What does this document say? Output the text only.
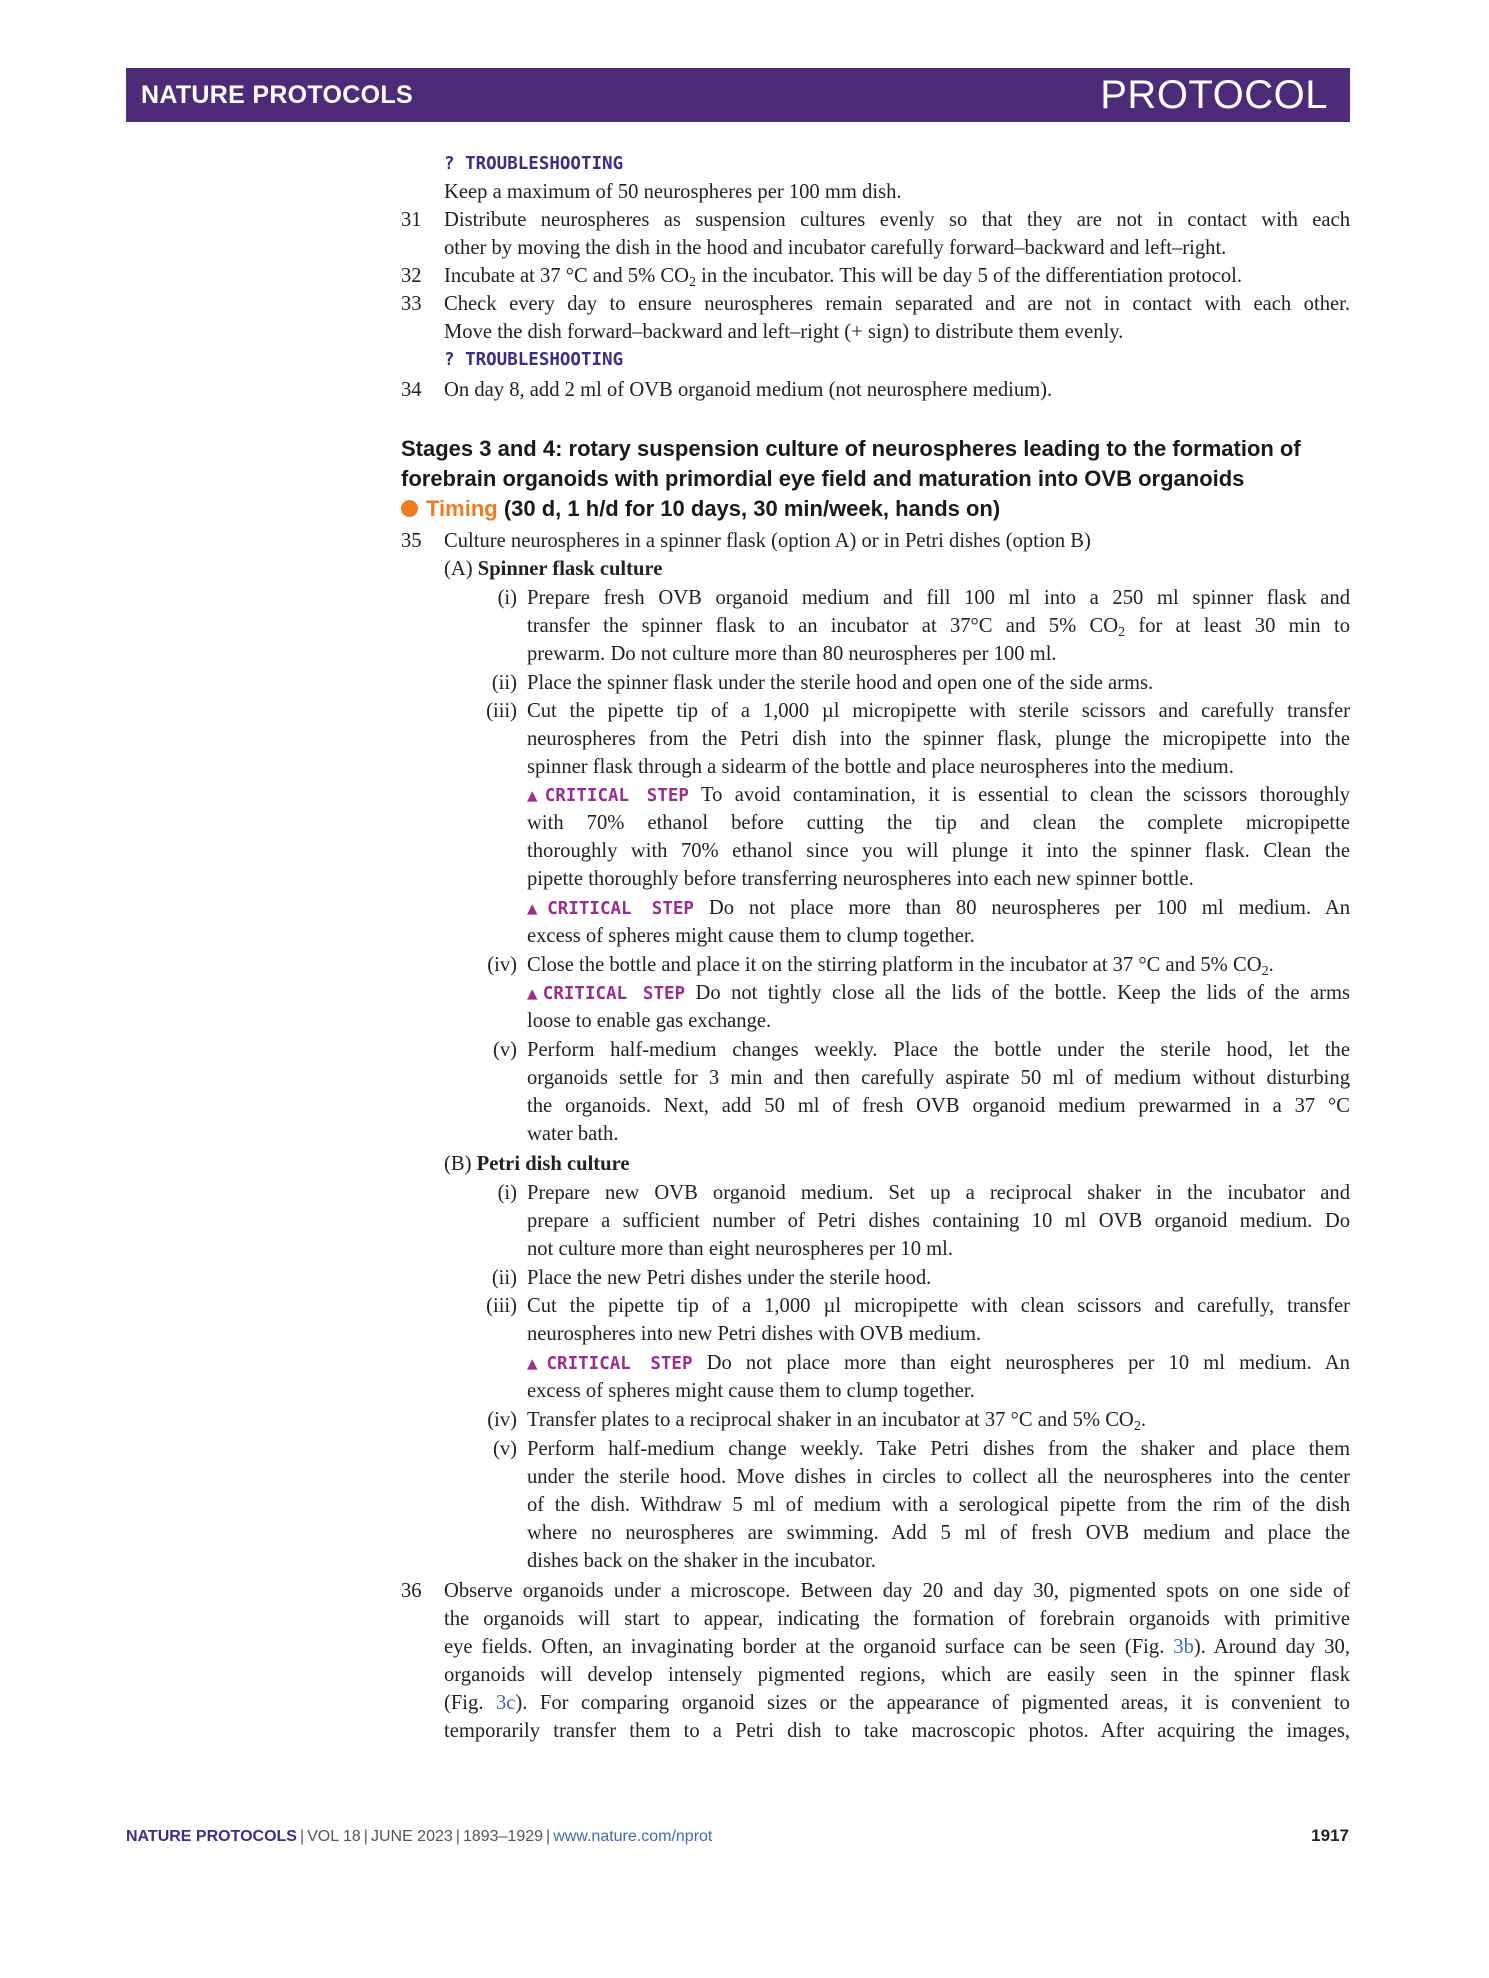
NATURE PROTOCOLS	PROTOCOL
? TROUBLESHOOTING
Keep a maximum of 50 neurospheres per 100 mm dish.
31 Distribute neurospheres as suspension cultures evenly so that they are not in contact with each
other by moving the dish in the hood and incubator carefully forward–backward and left–right.
32 Incubate at 37 °C and 5% $CO_2$ in the incubator. This will be day 5 of the differentiation protocol.
33 Check every day to ensure neurospheres remain separated and are not in contact with each other.
Move the dish forward–backward and left–right (+ sign) to distribute them evenly.
? TROUBLESHOOTING
34 On day 8, add 2 ml of OVB organoid medium (not neurosphere medium).
Stages 3 and 4: rotary suspension culture of neurospheres leading to the formation of
forebrain organoids with primordial eye field and maturation into OVB organoids
Timing (30 d, 1 h/d for 10 days, 30 min/week, hands on)
35 Culture neurospheres in a spinner flask (option A) or in Petri dishes (option B)
(A) Spinner flask culture
(i) Prepare fresh OVB organoid medium and fill 100 ml into a 250 ml spinner flask and
transfer the spinner flask to an incubator at 37°C and 5% $CO_2$ for at least 30 min to
prewarm. Do not culture more than 80 neurospheres per 100 ml.
(ii) Place the spinner flask under the sterile hood and open one of the side arms.
(iii) Cut the pipette tip of a 1,000 µl micropipette with sterile scissors and carefully transfer
neurospheres from the Petri dish into the spinner flask, plunge the micropipette into the
spinner flask through a sidearm of the bottle and place neurospheres into the medium.
▲CRITICAL STEP To avoid contamination, it is essential to clean the scissors thoroughly
with 70% ethanol before cutting the tip and clean the complete micropipette
thoroughly with 70% ethanol since you will plunge it into the spinner flask. Clean the
pipette thoroughly before transferring neurospheres into each new spinner bottle.
▲CRITICAL STEP Do not place more than 80 neurospheres per 100 ml medium. An
excess of spheres might cause them to clump together.
(iv) Close the bottle and place it on the stirring platform in the incubator at 37 °C and 5% $CO_2$.
▲CRITICAL STEP Do not tightly close all the lids of the bottle. Keep the lids of the arms
loose to enable gas exchange.
(v) Perform half-medium changes weekly. Place the bottle under the sterile hood, let the
organoids settle for 3 min and then carefully aspirate 50 ml of medium without disturbing
the organoids. Next, add 50 ml of fresh OVB organoid medium prewarmed in a 37 °C
water bath.
(B) Petri dish culture
(i) Prepare new OVB organoid medium. Set up a reciprocal shaker in the incubator and
prepare a sufficient number of Petri dishes containing 10 ml OVB organoid medium. Do
not culture more than eight neurospheres per 10 ml.
(ii) Place the new Petri dishes under the sterile hood.
(iii) Cut the pipette tip of a 1,000 µl micropipette with clean scissors and carefully, transfer
neurospheres into new Petri dishes with OVB medium.
▲CRITICAL STEP Do not place more than eight neurospheres per 10 ml medium. An
excess of spheres might cause them to clump together.
(iv) Transfer plates to a reciprocal shaker in an incubator at 37 °C and 5% $CO_2$.
(v) Perform half-medium change weekly. Take Petri dishes from the shaker and place them
under the sterile hood. Move dishes in circles to collect all the neurospheres into the center
of the dish. Withdraw 5 ml of medium with a serological pipette from the rim of the dish
where no neurospheres are swimming. Add 5 ml of fresh OVB medium and place the
dishes back on the shaker in the incubator.
36 Observe organoids under a microscope. Between day 20 and day 30, pigmented spots on one side of
the organoids will start to appear, indicating the formation of forebrain organoids with primitive
eye fields. Often, an invaginating border at the organoid surface can be seen (Fig. 3b). Around day 30,
organoids will develop intensely pigmented regions, which are easily seen in the spinner flask
(Fig. 3c). For comparing organoid sizes or the appearance of pigmented areas, it is convenient to
temporarily transfer them to a Petri dish to take macroscopic photos. After acquiring the images,
NATURE PROTOCOLS | VOL 18 | JUNE 2023 | 1893–1929 | www.nature.com/nprot	1917
